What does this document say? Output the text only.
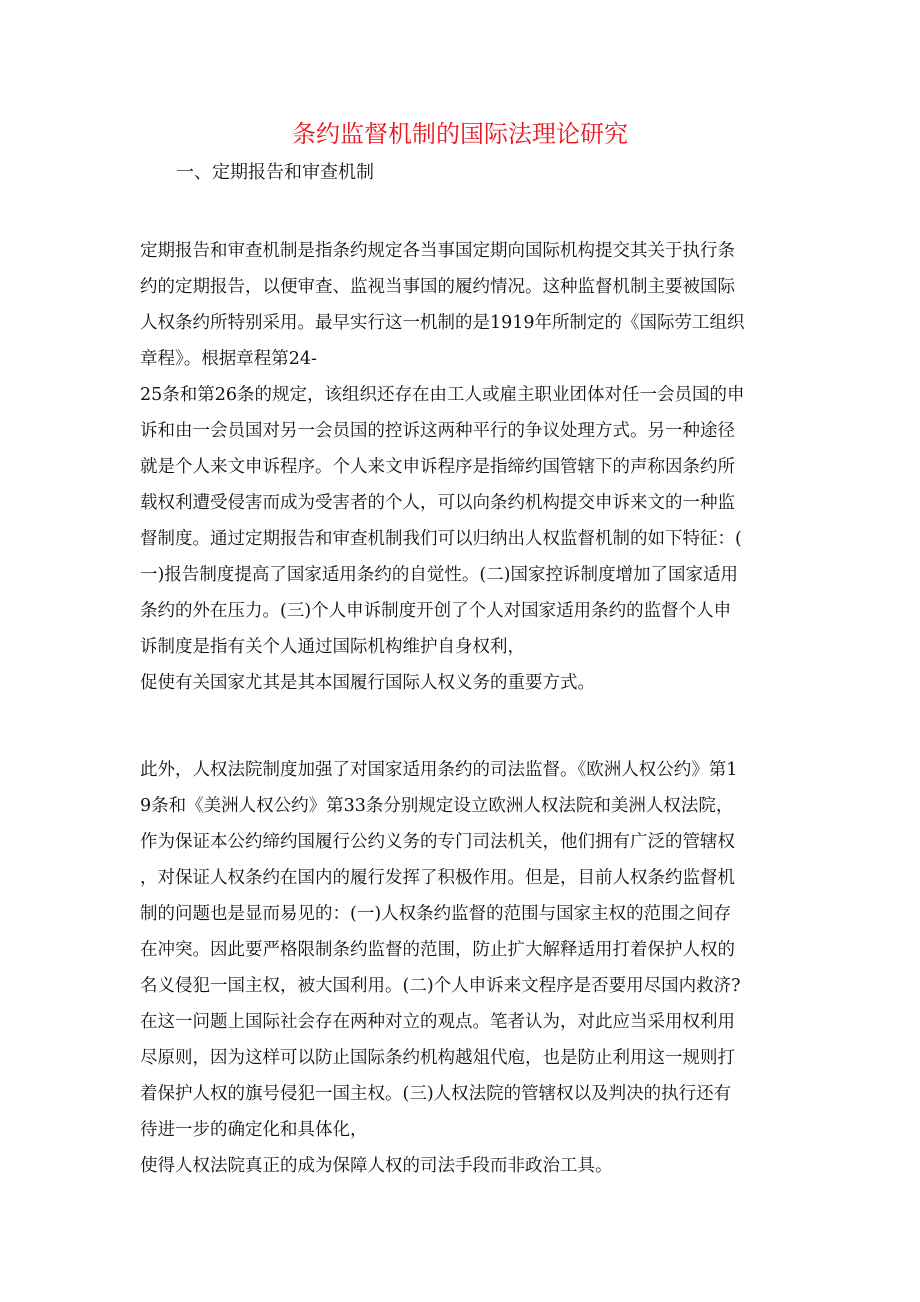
条约监督机制的国际法理论研究
一、定期报告和审查机制
定期报告和审查机制是指条约规定各当事国定期向国际机构提交其关于执行条
约的定期报告，以便审查、监视当事国的履约情况。这种监督机制主要被国际
人权条约所特别采用。最早实行这一机制的是1919年所制定的《国际劳工组织
章程》。根据章程第24-
25条和第26条的规定，该组织还存在由工人或雇主职业团体对任一会员国的申
诉和由一会员国对另一会员国的控诉这两种平行的争议处理方式。另一种途径
就是个人来文申诉程序。个人来文申诉程序是指缔约国管辖下的声称因条约所
载权利遭受侵害而成为受害者的个人，可以向条约机构提交申诉来文的一种监
督制度。通过定期报告和审查机制我们可以归纳出人权监督机制的如下特征：(
一)报告制度提高了国家适用条约的自觉性。(二)国家控诉制度增加了国家适用
条约的外在压力。(三)个人申诉制度开创了个人对国家适用条约的监督个人申
诉制度是指有关个人通过国际机构维护自身权利，
促使有关国家尤其是其本国履行国际人权义务的重要方式。
此外，人权法院制度加强了对国家适用条约的司法监督。《欧洲人权公约》第1
9条和《美洲人权公约》第33条分别规定设立欧洲人权法院和美洲人权法院，
作为保证本公约缔约国履行公约义务的专门司法机关，他们拥有广泛的管辖权
，对保证人权条约在国内的履行发挥了积极作用。但是，目前人权条约监督机
制的问题也是显而易见的：(一)人权条约监督的范围与国家主权的范围之间存
在冲突。因此要严格限制条约监督的范围，防止扩大解释适用打着保护人权的
名义侵犯一国主权，被大国利用。(二)个人申诉来文程序是否要用尽国内救济?
在这一问题上国际社会存在两种对立的观点。笔者认为，对此应当采用权利用
尽原则，因为这样可以防止国际条约机构越俎代庖，也是防止利用这一规则打
着保护人权的旗号侵犯一国主权。(三)人权法院的管辖权以及判决的执行还有
待进一步的确定化和具体化，
使得人权法院真正的成为保障人权的司法手段而非政治工具。
